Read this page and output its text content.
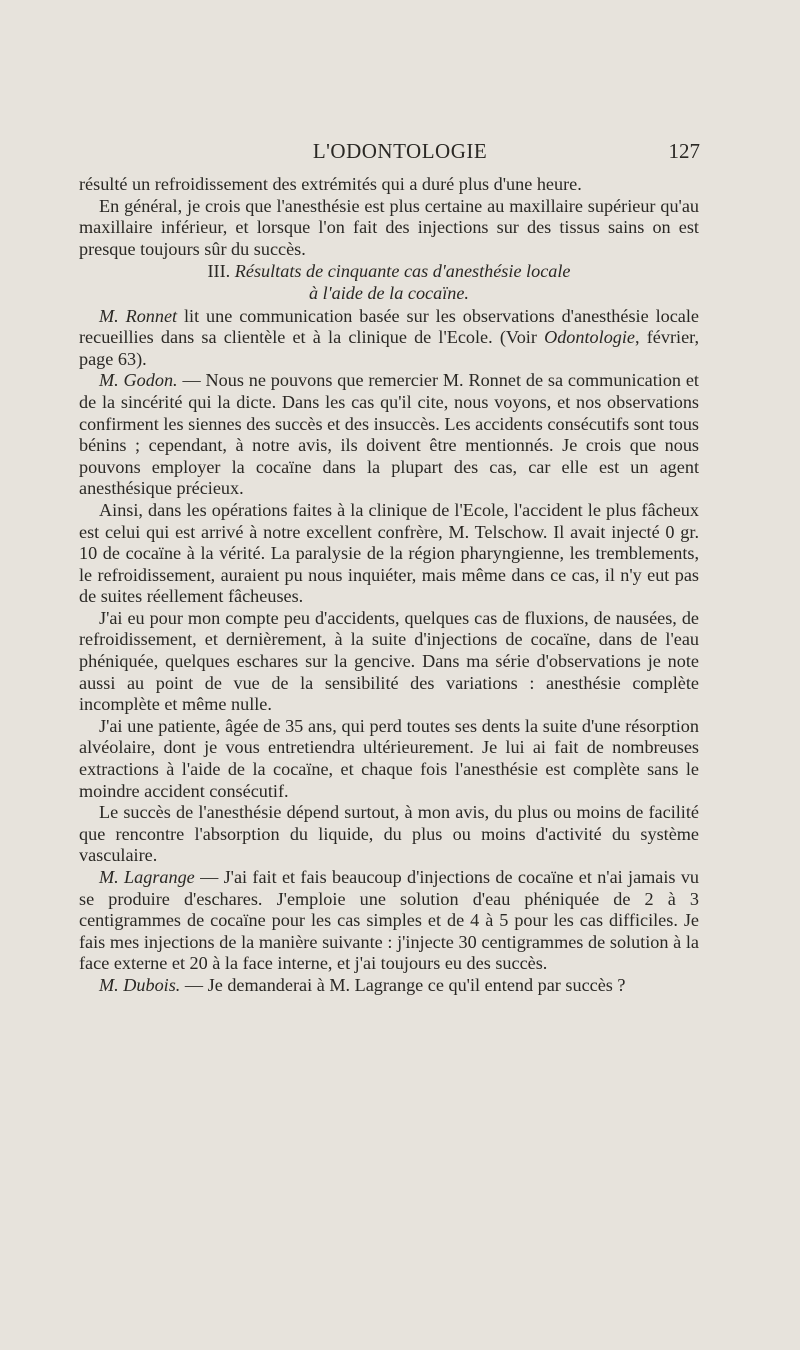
L'ODONTOLOGIE	127

résulté un refroidissement des extrémités qui a duré plus d'une heure.

En général, je crois que l'anesthésie est plus certaine au maxillaire supérieur qu'au maxillaire inférieur, et lorsque l'on fait des injections sur des tissus sains on est presque toujours sûr du succès.

III. Résultats de cinquante cas d'anesthésie locale
à l'aide de la cocaïne.

M. Ronnet lit une communication basée sur les observations d'anesthésie locale recueillies dans sa clientèle et à la clinique de l'Ecole. (Voir Odontologie, février, page 63).

M. Godon. — Nous ne pouvons que remercier M. Ronnet de sa communication et de la sincérité qui la dicte. Dans les cas qu'il cite, nous voyons, et nos observations confirment les siennes des succès et des insuccès. Les accidents consécutifs sont tous bénins ; cependant, à notre avis, ils doivent être mentionnés. Je crois que nous pouvons employer la cocaïne dans la plupart des cas, car elle est un agent anesthésique précieux.

Ainsi, dans les opérations faites à la clinique de l'Ecole, l'accident le plus fâcheux est celui qui est arrivé à notre excellent confrère, M. Telschow. Il avait injecté 0 gr. 10 de cocaïne à la vérité. La paralysie de la région pharyngienne, les tremblements, le refroidissement, auraient pu nous inquiéter, mais même dans ce cas, il n'y eut pas de suites réellement fâcheuses.

J'ai eu pour mon compte peu d'accidents, quelques cas de fluxions, de nausées, de refroidissement, et dernièrement, à la suite d'injections de cocaïne, dans de l'eau phéniquée, quelques eschares sur la gencive. Dans ma série d'observations je note aussi au point de vue de la sensibilité des variations : anesthésie complète incomplète et même nulle.

J'ai une patiente, âgée de 35 ans, qui perd toutes ses dents la suite d'une résorption alvéolaire, dont je vous entretiendra ultérieurement. Je lui ai fait de nombreuses extractions à l'aide de la cocaïne, et chaque fois l'anesthésie est complète sans le moindre accident consécutif.

Le succès de l'anesthésie dépend surtout, à mon avis, du plus ou moins de facilité que rencontre l'absorption du liquide, du plus ou moins d'activité du système vasculaire.

M. Lagrange — J'ai fait et fais beaucoup d'injections de cocaïne et n'ai jamais vu se produire d'eschares. J'emploie une solution d'eau phéniquée de 2 à 3 centigrammes de cocaïne pour les cas simples et de 4 à 5 pour les cas difficiles. Je fais mes injections de la manière suivante : j'injecte 30 centigrammes de solution à la face externe et 20 à la face interne, et j'ai toujours eu des succès.

M. Dubois. — Je demanderai à M. Lagrange ce qu'il entend par succès ?
